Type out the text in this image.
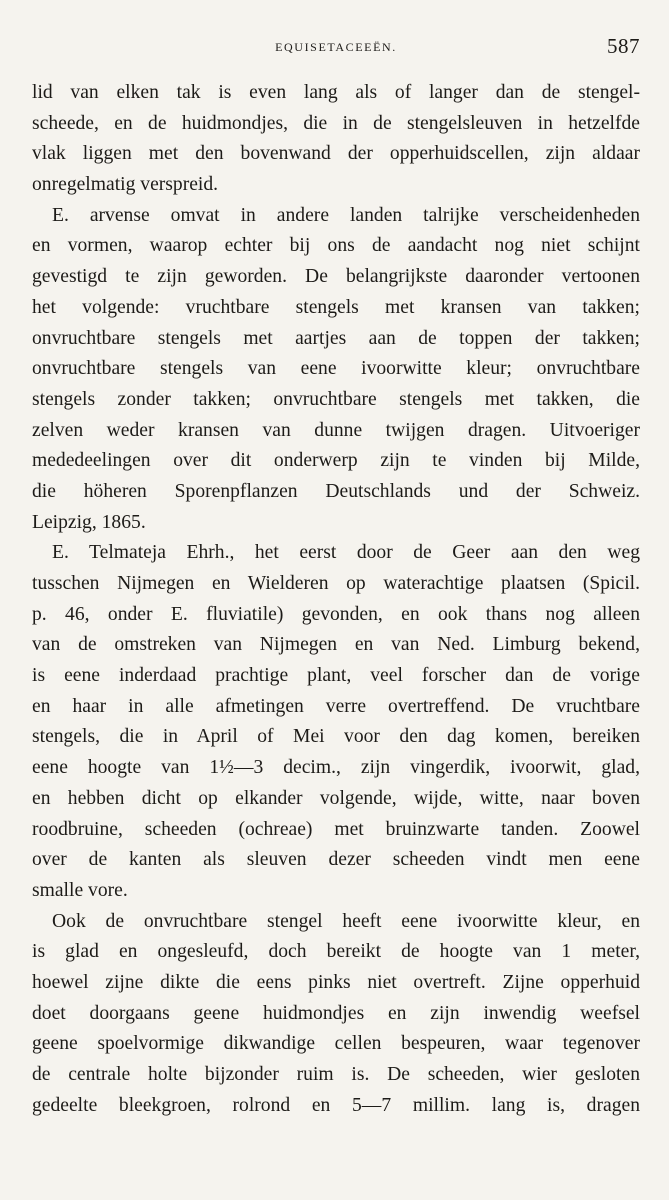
EQUISETACEEËN.	587
lid van elken tak is even lang als of langer dan de stengel-
scheede, en de huidmondjes, die in de stengelsleuven in hetzelfde
vlak liggen met den bovenwand der opperhuidscellen, zijn aldaar
onregelmatig verspreid.
E. arvense omvat in andere landen talrijke verscheidenheden
en vormen, waarop echter bij ons de aandacht nog niet schijnt
gevestigd te zijn geworden. De belangrijkste daaronder vertoonen
het volgende: vruchtbare stengels met kransen van takken;
onvruchtbare stengels met aartjes aan de toppen der takken;
onvruchtbare stengels van eene ivoorwitte kleur; onvruchtbare
stengels zonder takken; onvruchtbare stengels met takken, die
zelven weder kransen van dunne twijgen dragen. Uitvoeriger
mededeelingen over dit onderwerp zijn te vinden bij Milde,
die höheren Sporenpflanzen Deutschlands und der Schweiz.
Leipzig, 1865.
E. Telmateja Ehrh., het eerst door de Geer aan den weg
tusschen Nijmegen en Wielderen op waterachtige plaatsen (Spicil.
p. 46, onder E. fluviatile) gevonden, en ook thans nog alleen
van de omstreken van Nijmegen en van Ned. Limburg bekend,
is eene inderdaad prachtige plant, veel forscher dan de vorige
en haar in alle afmetingen verre overtreffend. De vruchtbare
stengels, die in April of Mei voor den dag komen, bereiken
eene hoogte van 1½—3 decim., zijn vingerdik, ivoorwit, glad,
en hebben dicht op elkander volgende, wijde, witte, naar boven
roodbruine, scheeden (ochreae) met bruinzwarte tanden. Zoowel
over de kanten als sleuven dezer scheeden vindt men eene
smalle vore.
Ook de onvruchtbare stengel heeft eene ivoorwitte kleur, en
is glad en ongesleufd, doch bereikt de hoogte van 1 meter,
hoewel zijne dikte die eens pinks niet overtreft. Zijne opperhuid
doet doorgaans geene huidmondjes en zijn inwendig weefsel
geene spoelvormige dikwandige cellen bespeuren, waar tegenover
de centrale holte bijzonder ruim is. De scheeden, wier gesloten
gedeelte bleekgroen, rolrond en 5—7 millim. lang is, dragen
